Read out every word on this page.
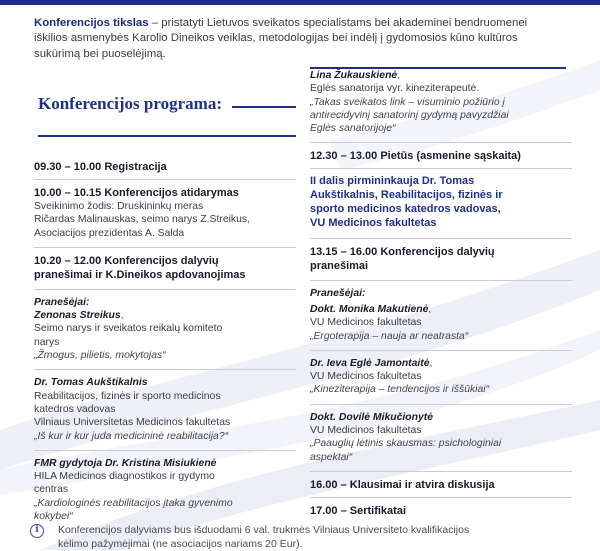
Konferencijos tikslas – pristatyti Lietuvos sveikatos specialistams bei akademinei bendruomenei iškilios asmenybės Karolio Dineikos veiklas, metodologijas bei indėlį į gydomosios kūno kultūros sukūrimą bei puoselėjimą.
Konferencijos programa:
09.30 – 10.00 Registracija
10.00 – 10.15 Konferencijos atidarymas
Sveikinimo žodis: Druskininkų meras
Ričardas Malinauskas, seimo narys Z.Streikus,
Asociacijos prezidentas A. Salda
10.20 – 12.00 Konferencijos dalyvių
pranešimai ir K.Dineikos apdovanojimas
Pranešėjai:
Zenonas Streikus,
Seimo narys ir sveikatos reikalų komiteto
narys
„Žmogus, pilietis, mokytojas“
Dr. Tomas Aukštikalnis
Reabilitacijos, fizinės ir sporto medicinos
katedros vadovas
Vilniaus Universitetas Medicinos fakultetas
„Iš kur ir kur juda medicininė reabilitacija?“
FMR gydytoja Dr. Kristina Misiukienė
HILA Medicinos diagnostikos ir gydymo
centras
„Kardiologinės reabilitacijos įtaka gyvenimo
kokybei“
Lina Žukauskienė,
Eglės sanatorija vyr. kineziterapeutė.
„Takas sveikatos link – visuminio požiūrio į
antirecidyvinį sanatorinį gydymą pavyzdžiai
Eglės sanatorijoje“
12.30 – 13.00 Pietūs (asmenine sąskaita)
II dalis pirmininkauja Dr. Tomas
Aukštikalnis, Reabilitacijos, fizinės ir
sporto medicinos katedros vadovas,
VU Medicinos fakultetas
13.15 – 16.00 Konferencijos dalyvių
pranešimai
Pranešėjai:
Dokt. Monika Makutienė,
VU Medicinos fakultetas
„Ergoterapija – nauja ar neatrasta“
Dr. Ieva Eglė Jamontaitė,
VU Medicinos fakultetas
„Kineziterapija – tendencijos ir iššūkiai“
Dokt. Dovilė Mikučionytė
VU Medicinos fakultetas
„Paauglių lėtinis skausmas: psichologiniai
aspektai“
16.00 – Klausimai ir atvira diskusija
17.00 – Sertifikatai
i	Konferencijos dalyviams bus išduodami 6 val. trukmės Vilniaus Universiteto kvalifikacijos
kėlimo pažymėjimai (ne asociacijos nariams 20 Eur).
